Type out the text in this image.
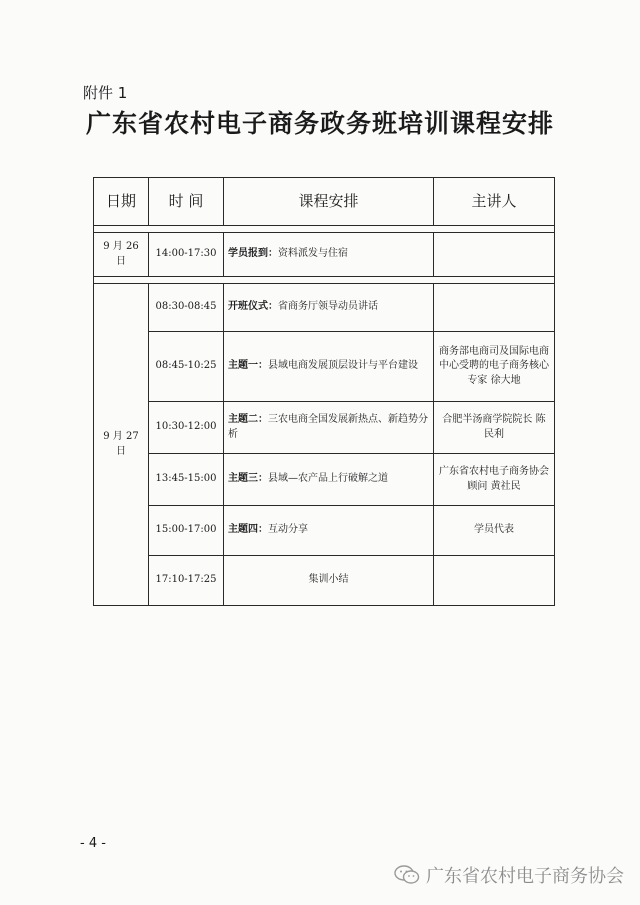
附件 1
广东省农村电子商务政务班培训课程安排
日期	时 间	课程安排	主讲人

9 月 26 日	14:00-17:30	学员报到：资料派发与住宿	

9 月 27 日	08:30-08:45	开班仪式：省商务厅领导动员讲话	
	08:45-10:25	主题一：县域电商发展顶层设计与平台建设	商务部电商司及国际电商中心受聘的电子商务核心专家 徐大地
	10:30-12:00	主题二：三农电商全国发展新热点、新趋势分析	合肥半汤商学院院长 陈民利
	13:45-15:00	主题三：县域—农产品上行破解之道	广东省农村电子商务协会顾问 黄社民
	15:00-17:00	主题四：互动分享	学员代表
	17:10-17:25	集训小结	
- 4 -
广东省农村电子商务协会
